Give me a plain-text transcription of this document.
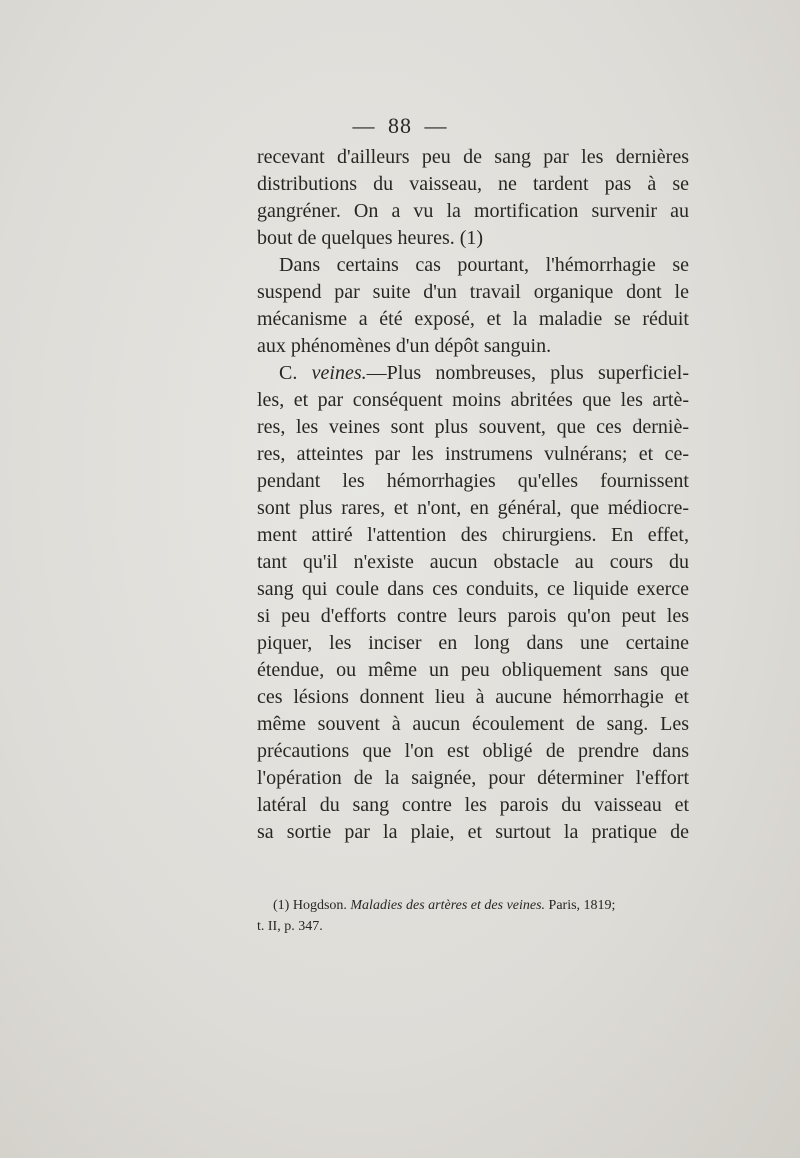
— 88 —
recevant d'ailleurs peu de sang par les dernières
distributions du vaisseau, ne tardent pas à se
gangréner. On a vu la mortification survenir au
bout de quelques heures. (1)
Dans certains cas pourtant, l'hémorrhagie se
suspend par suite d'un travail organique dont le
mécanisme a été exposé, et la maladie se réduit
aux phénomènes d'un dépôt sanguin.
C. veines.—Plus nombreuses, plus superficiel-
les, et par conséquent moins abritées que les artè-
res, les veines sont plus souvent, que ces derniè-
res, atteintes par les instrumens vulnérans; et ce-
pendant les hémorrhagies qu'elles fournissent
sont plus rares, et n'ont, en général, que médiocre-
ment attiré l'attention des chirurgiens. En effet,
tant qu'il n'existe aucun obstacle au cours du
sang qui coule dans ces conduits, ce liquide exerce
si peu d'efforts contre leurs parois qu'on peut les
piquer, les inciser en long dans une certaine
étendue, ou même un peu obliquement sans que
ces lésions donnent lieu à aucune hémorrhagie et
même souvent à aucun écoulement de sang. Les
précautions que l'on est obligé de prendre dans
l'opération de la saignée, pour déterminer l'effort
latéral du sang contre les parois du vaisseau et
sa sortie par la plaie, et surtout la pratique de
(1) Hogdson. Maladies des artères et des veines. Paris, 1819;
t. II, p. 347.
